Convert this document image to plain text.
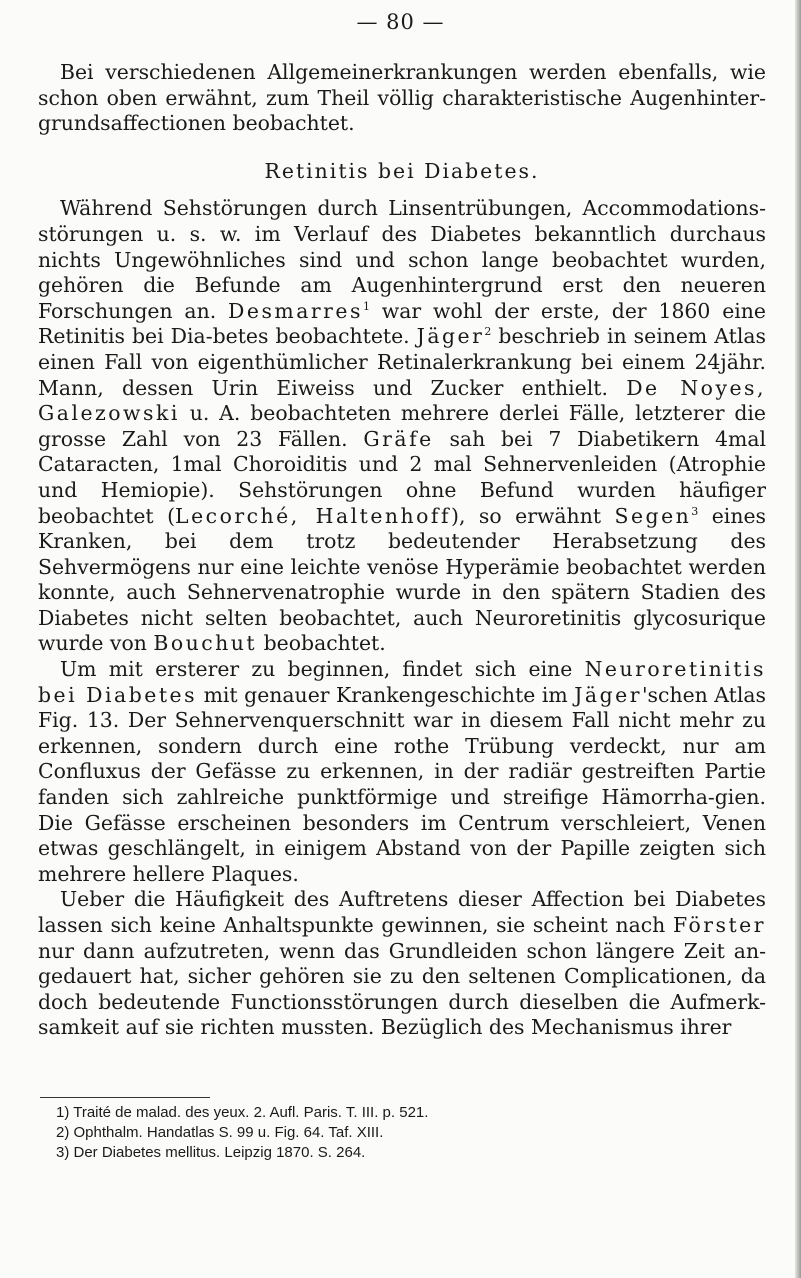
— 80 —

Bei verschiedenen Allgemeinerkrankungen werden ebenfalls, wie schon oben erwähnt, zum Theil völlig charakteristische Augenhinter-grundsaffectionen beobachtet.

Retinitis bei Diabetes.

Während Sehstörungen durch Linsentrübungen, Accommodations-störungen u. s. w. im Verlauf des Diabetes bekanntlich durchaus nichts Ungewöhnliches sind und schon lange beobachtet wurden, gehören die Befunde am Augenhintergrund erst den neueren Forschungen an. Desmarres$^1$ war wohl der erste, der 1860 eine Retinitis bei Dia-betes beobachtete. Jäger$^2$ beschrieb in seinem Atlas einen Fall von eigenthümlicher Retinalerkrankung bei einem 24jähr. Mann, dessen Urin Eiweiss und Zucker enthielt. De Noyes, Galezowski u. A. beobachteten mehrere derlei Fälle, letzterer die grosse Zahl von 23 Fällen. Gräfe sah bei 7 Diabetikern 4mal Cataracten, 1mal Choroiditis und 2 mal Sehnervenleiden (Atrophie und Hemiopie). Sehstörungen ohne Befund wurden häufiger beobachtet (Lecorché, Haltenhoff), so erwähnt Segen$^3$ eines Kranken, bei dem trotz bedeutender Herabsetzung des Sehvermögens nur eine leichte venöse Hyperämie beobachtet werden konnte, auch Sehnervenatrophie wurde in den spätern Stadien des Diabetes nicht selten beobachtet, auch Neuroretinitis glycosurique wurde von Bouchut beobachtet.

Um mit ersterer zu beginnen, findet sich eine Neuroretinitis bei Diabetes mit genauer Krankengeschichte im Jäger'schen Atlas Fig. 13. Der Sehnervenquerschnitt war in diesem Fall nicht mehr zu erkennen, sondern durch eine rothe Trübung verdeckt, nur am Confluxus der Gefässe zu erkennen, in der radiär gestreiften Partie fanden sich zahlreiche punktförmige und streifige Hämorrha-gien. Die Gefässe erscheinen besonders im Centrum verschleiert, Venen etwas geschlängelt, in einigem Abstand von der Papille zeigten sich mehrere hellere Plaques.

Ueber die Häufigkeit des Auftretens dieser Affection bei Diabetes lassen sich keine Anhaltspunkte gewinnen, sie scheint nach Förster nur dann aufzutreten, wenn das Grundleiden schon längere Zeit an-gedauert hat, sicher gehören sie zu den seltenen Complicationen, da doch bedeutende Functionsstörungen durch dieselben die Aufmerk-samkeit auf sie richten mussten. Bezüglich des Mechanismus ihrer

1) Traité de malad. des yeux. 2. Aufl. Paris. T. III. p. 521.
2) Ophthalm. Handatlas S. 99 u. Fig. 64. Taf. XIII.
3) Der Diabetes mellitus. Leipzig 1870. S. 264.
